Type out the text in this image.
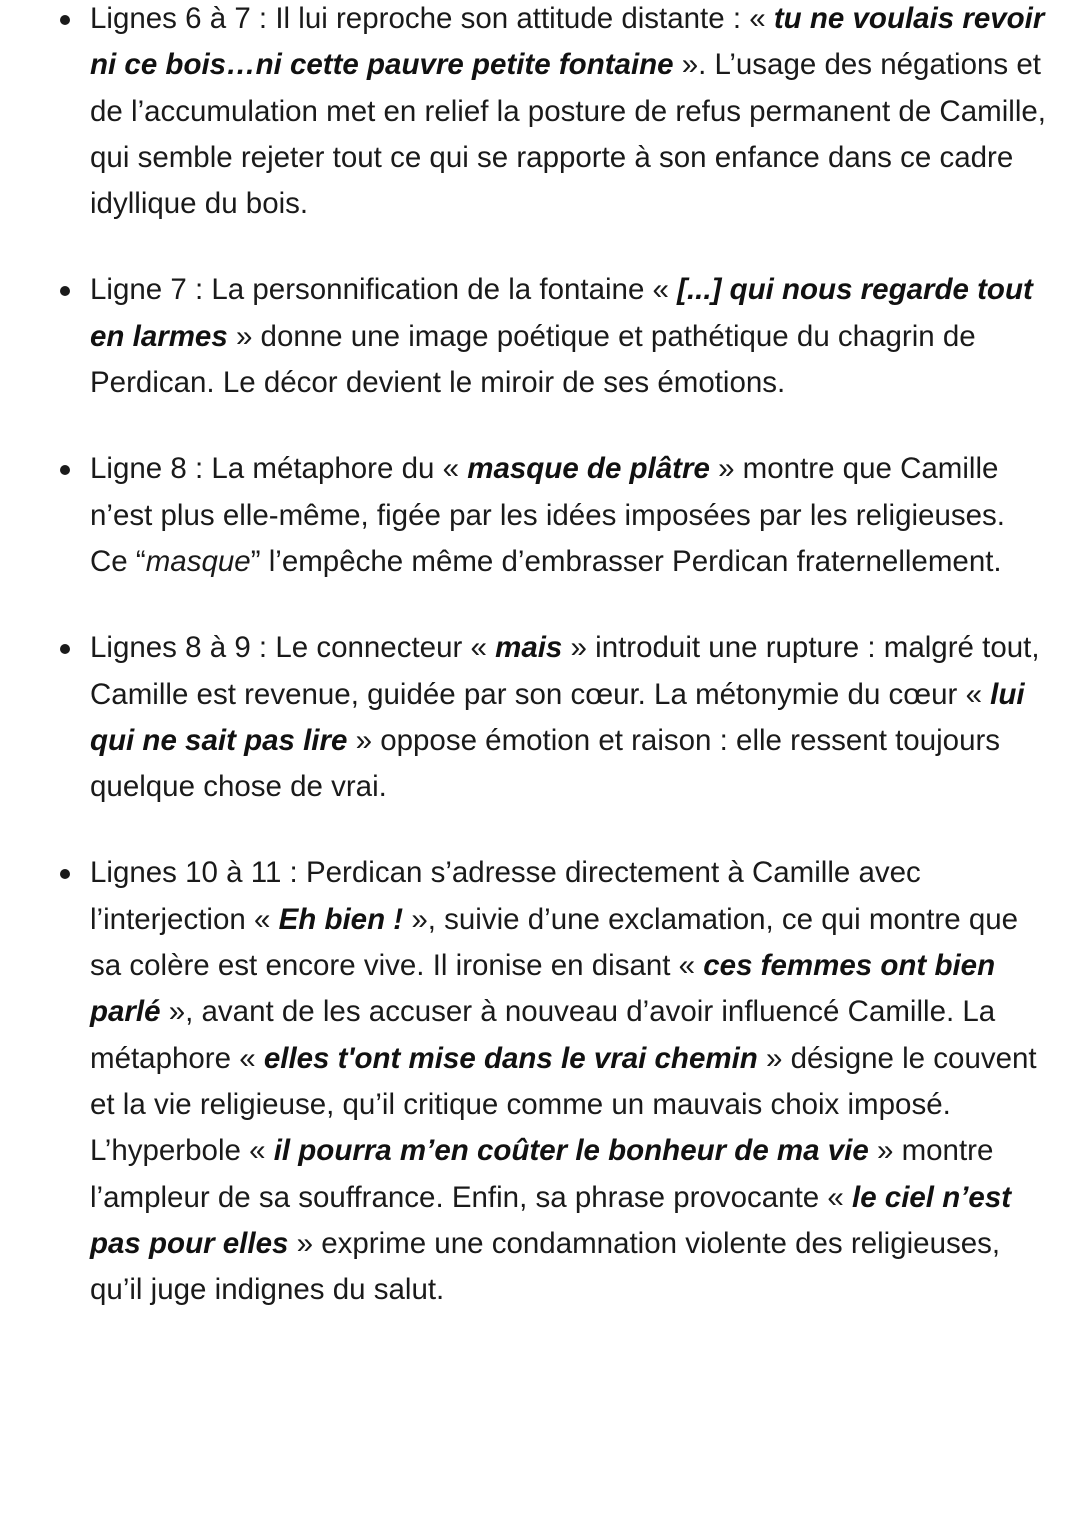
Lignes 6 à 7 : Il lui reproche son attitude distante : « tu ne voulais revoir ni ce bois…ni cette pauvre petite fontaine ». L’usage des négations et de l’accumulation met en relief la posture de refus permanent de Camille, qui semble rejeter tout ce qui se rapporte à son enfance dans ce cadre idyllique du bois.
Ligne 7 : La personnification de la fontaine « [...] qui nous regarde tout en larmes » donne une image poétique et pathétique du chagrin de Perdican. Le décor devient le miroir de ses émotions.
Ligne 8 : La métaphore du « masque de plâtre » montre que Camille n’est plus elle-même, figée par les idées imposées par les religieuses. Ce “masque” l’empêche même d’embrasser Perdican fraternellement.
Lignes 8 à 9 : Le connecteur « mais » introduit une rupture : malgré tout, Camille est revenue, guidée par son cœur. La métonymie du cœur « lui qui ne sait pas lire » oppose émotion et raison : elle ressent toujours quelque chose de vrai.
Lignes 10 à 11 : Perdican s’adresse directement à Camille avec l’interjection « Eh bien ! », suivie d’une exclamation, ce qui montre que sa colère est encore vive. Il ironise en disant « ces femmes ont bien parlé », avant de les accuser à nouveau d’avoir influencé Camille. La métaphore « elles t'ont mise dans le vrai chemin » désigne le couvent et la vie religieuse, qu’il critique comme un mauvais choix imposé. L’hyperbole « il pourra m’en coûter le bonheur de ma vie » montre l’ampleur de sa souffrance. Enfin, sa phrase provocante « le ciel n’est pas pour elles » exprime une condamnation violente des religieuses, qu’il juge indignes du salut.
